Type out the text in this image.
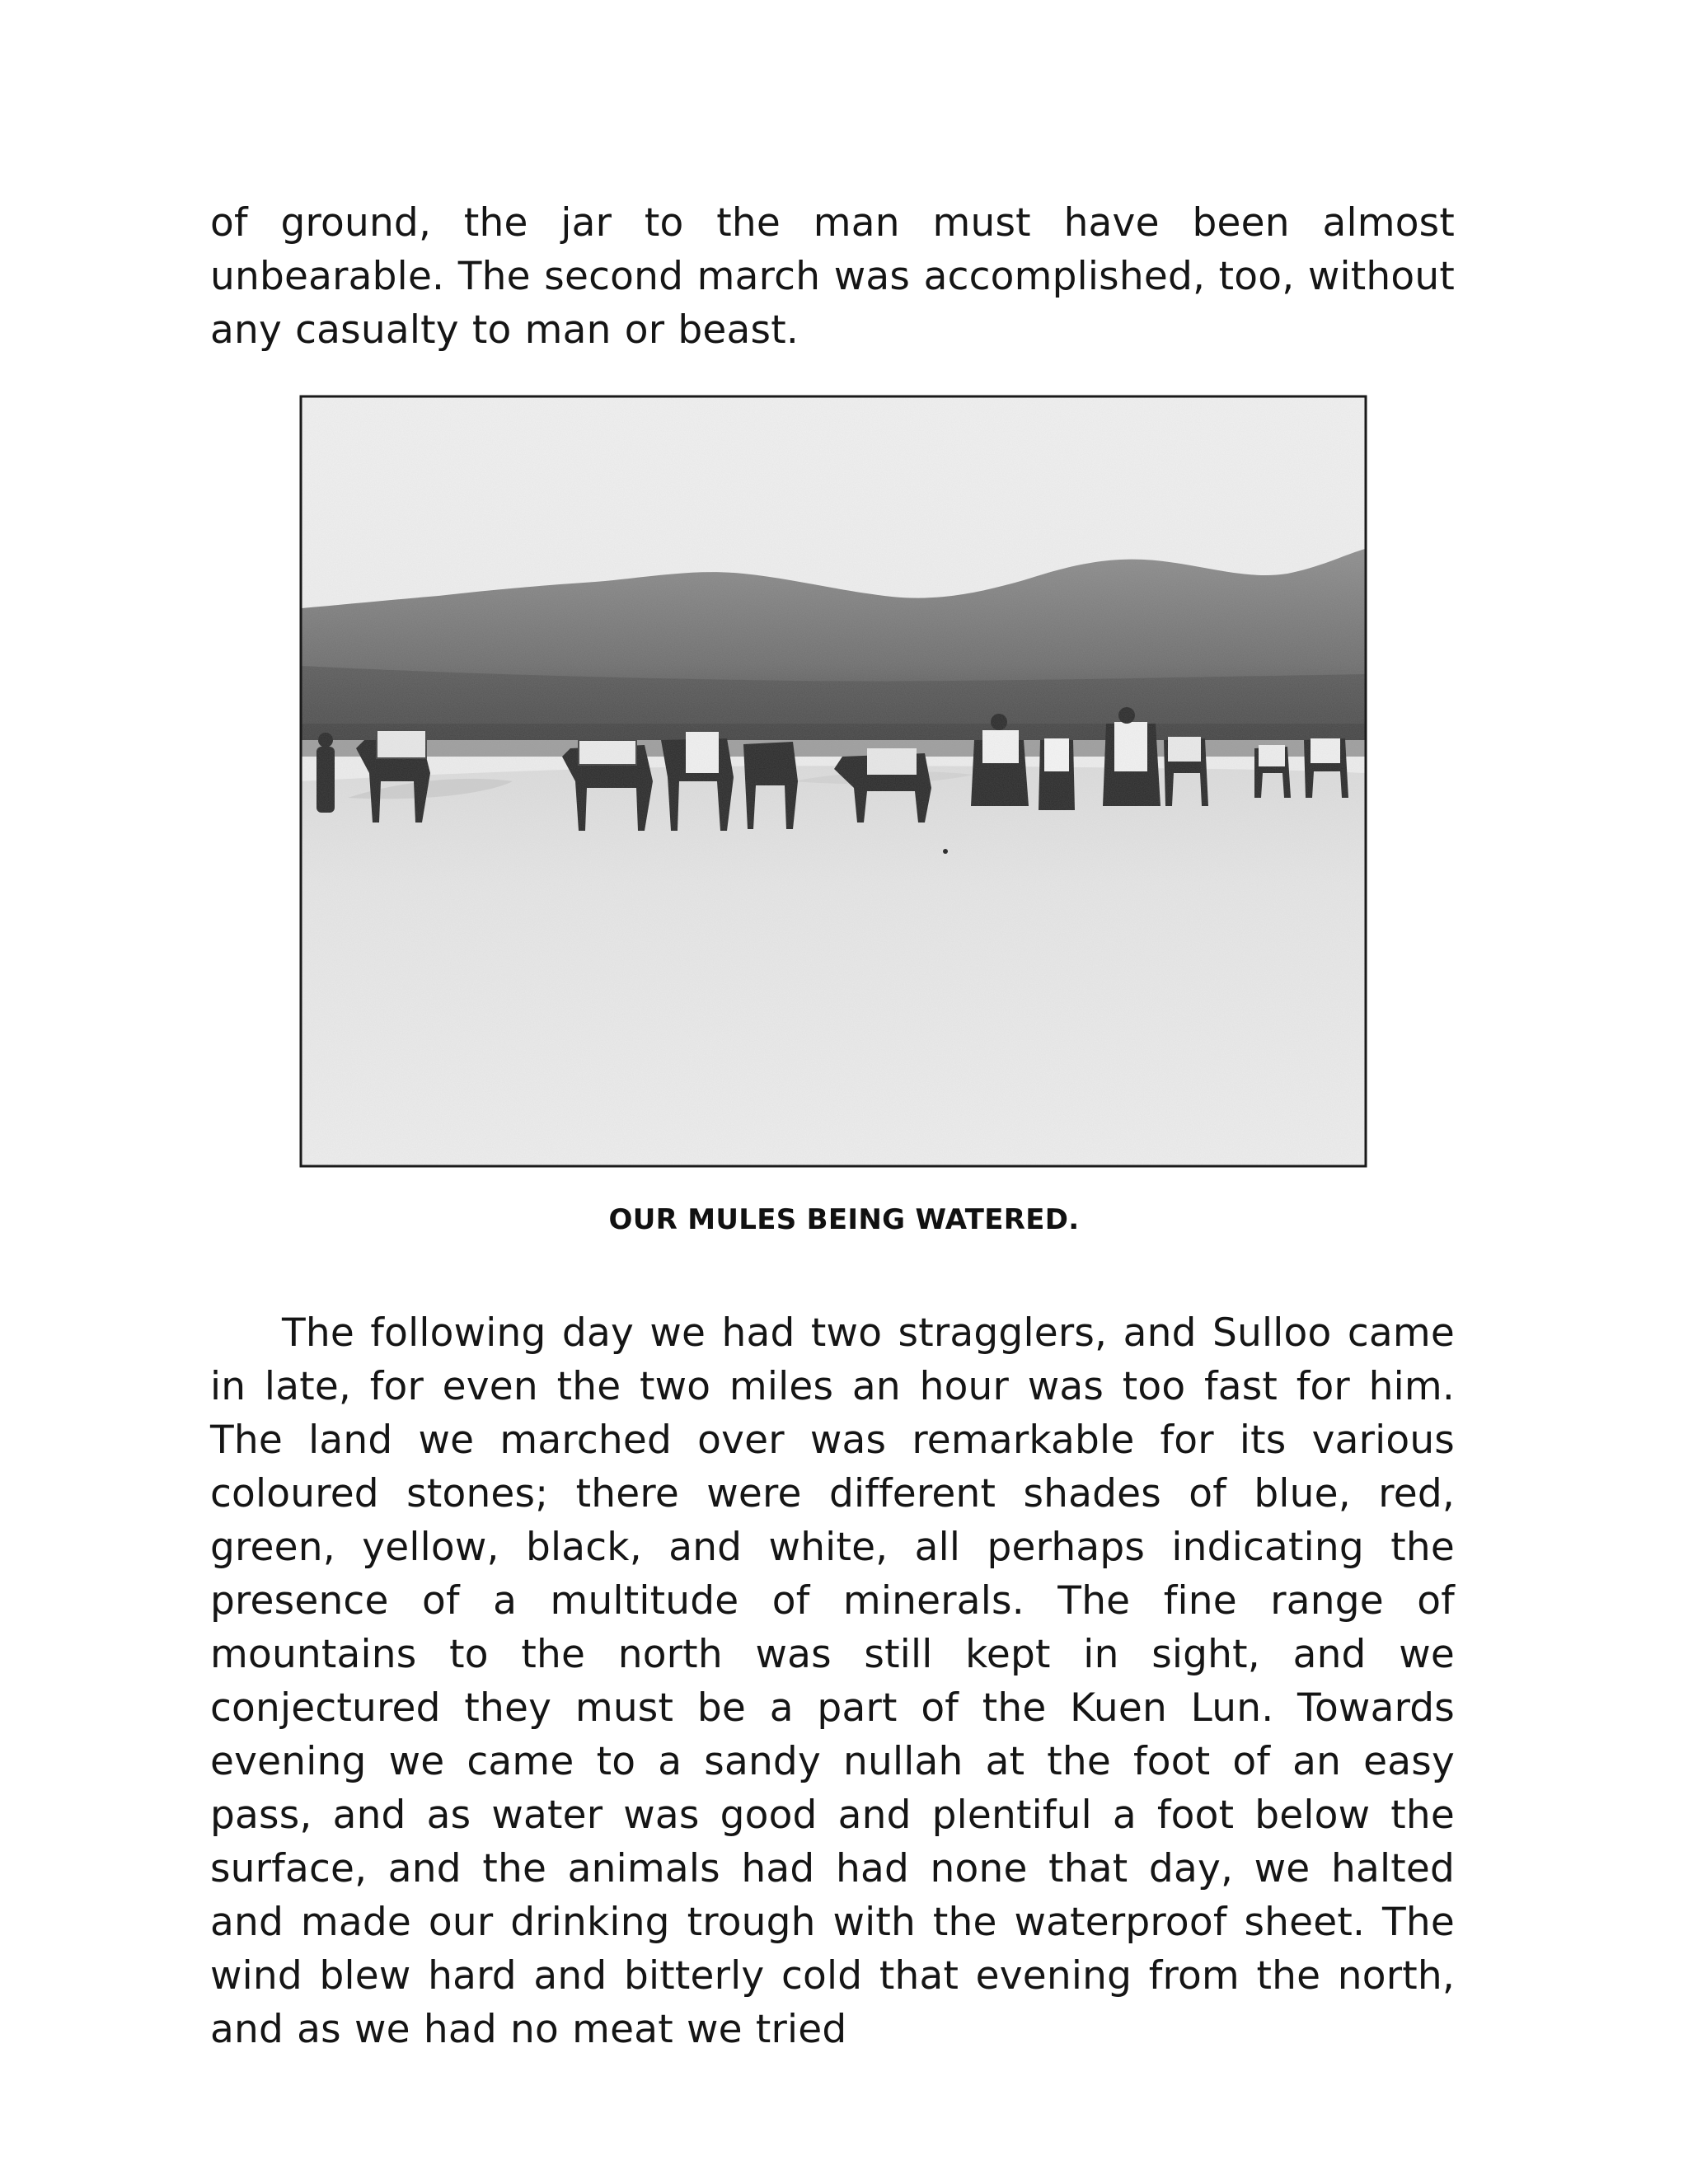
of ground, the jar to the man must have been almost unbearable. The second march was accomplished, too, without any casualty to man or beast.

OUR MULES BEING WATERED.

The following day we had two stragglers, and Sulloo came in late, for even the two miles an hour was too fast for him. The land we marched over was remarkable for its various coloured stones; there were different shades of blue, red, green, yellow, black, and white, all perhaps indicating the presence of a multitude of minerals. The fine range of mountains to the north was still kept in sight, and we conjectured they must be a part of the Kuen Lun. Towards evening we came to a sandy nullah at the foot of an easy pass, and as water was good and plentiful a foot below the surface, and the animals had had none that day, we halted and made our drinking trough with the waterproof sheet. The wind blew hard and bitterly cold that evening from the north, and as we had no meat we tried
